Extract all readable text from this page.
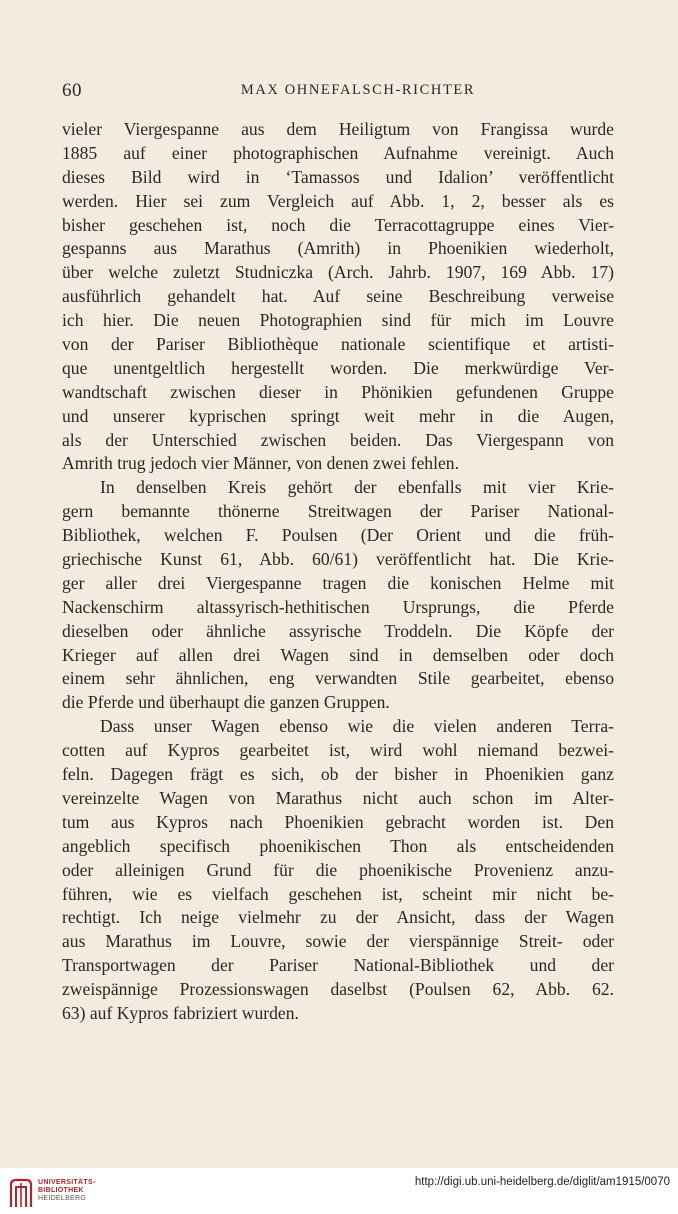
60	MAX OHNEFALSCH-RICHTER
vieler Viergespanne aus dem Heiligtum von Frangissa wurde
1885 auf einer photographischen Aufnahme vereinigt. Auch
dieses Bild wird in ‘Tamassos und Idalion’ veröffentlicht
werden. Hier sei zum Vergleich auf Abb. 1, 2, besser als es
bisher geschehen ist, noch die Terracottagruppe eines Vier-
gespanns aus Marathus (Amrith) in Phoenikien wiederholt,
über welche zuletzt Studniczka (Arch. Jahrb. 1907, 169 Abb. 17)
ausführlich gehandelt hat. Auf seine Beschreibung verweise
ich hier. Die neuen Photographien sind für mich im Louvre
von der Pariser Bibliothèque nationale scientifique et artisti-
que unentgeltlich hergestellt worden. Die merkwürdige Ver-
wandtschaft zwischen dieser in Phönikien gefundenen Gruppe
und unserer kyprischen springt weit mehr in die Augen,
als der Unterschied zwischen beiden. Das Viergespann von
Amrith trug jedoch vier Männer, von denen zwei fehlen.
In denselben Kreis gehört der ebenfalls mit vier Krie-
gern bemannte thönerne Streitwagen der Pariser National-
Bibliothek, welchen F. Poulsen (Der Orient und die früh-
griechische Kunst 61, Abb. 60/61) veröffentlicht hat. Die Krie-
ger aller drei Viergespanne tragen die konischen Helme mit
Nackenschirm altassyrisch-hethitischen Ursprungs, die Pferde
dieselben oder ähnliche assyrische Troddeln. Die Köpfe der
Krieger auf allen drei Wagen sind in demselben oder doch
einem sehr ähnlichen, eng verwandten Stile gearbeitet, ebenso
die Pferde und überhaupt die ganzen Gruppen.
Dass unser Wagen ebenso wie die vielen anderen Terra-
cotten auf Kypros gearbeitet ist, wird wohl niemand bezwei-
feln. Dagegen frägt es sich, ob der bisher in Phoenikien ganz
vereinzelte Wagen von Marathus nicht auch schon im Alter-
tum aus Kypros nach Phoenikien gebracht worden ist. Den
angeblich specifisch phoenikischen Thon als entscheidenden
oder alleinigen Grund für die phoenikische Provenienz anzu-
führen, wie es vielfach geschehen ist, scheint mir nicht be-
rechtigt. Ich neige vielmehr zu der Ansicht, dass der Wagen
aus Marathus im Louvre, sowie der vierspännige Streit- oder
Transportwagen der Pariser National-Bibliothek und der
zweispännige Prozessionswagen daselbst (Poulsen 62, Abb. 62.
63) auf Kypros fabriziert wurden.
UNIVERSITÄTS-
BIBLIOTHEK
HEIDELBERG
http://digi.ub.uni-heidelberg.de/diglit/am1915/0070
